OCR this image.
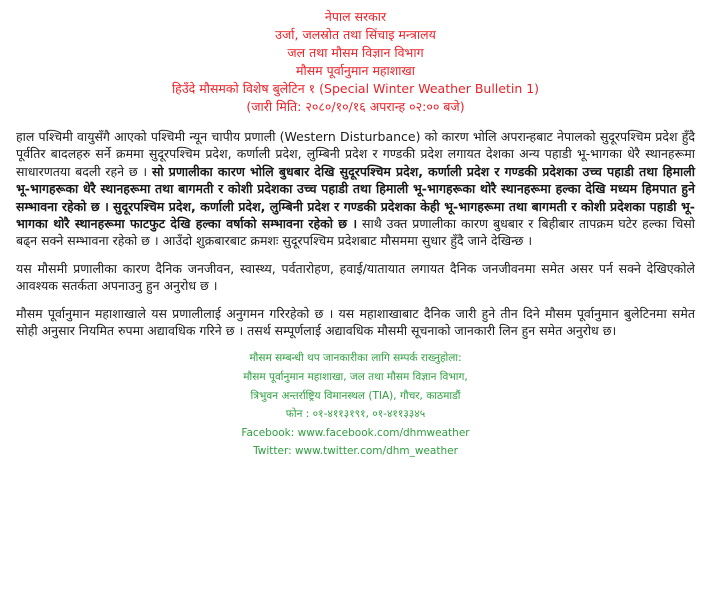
नेपाल सरकार
उर्जा, जलस्रोत तथा सिंचाइ मन्त्रालय
जल तथा मौसम विज्ञान विभाग
मौसम पूर्वानुमान महाशाखा
हिउँदे मौसमको विशेष बुलेटिन १ (Special Winter Weather Bulletin 1)
(जारी मिति: २०८०/१०/१६ अपरान्ह ०२:०० बजे)

हाल पश्चिमी वायुसँगै आएको पश्चिमी न्यून चापीय प्रणाली (Western Disturbance) को कारण भोलि अपरान्हबाट नेपालको सुदूरपश्चिम प्रदेश हुँदै पूर्वतिर बादलहरु सर्ने क्रममा सुदूरपश्चिम प्रदेश, कर्णाली प्रदेश, लुम्बिनी प्रदेश र गण्डकी प्रदेश लगायत देशका अन्य पहाडी भू-भागका धेरै स्थानहरूमा साधारणतया बदली रहने छ । सो प्रणालीका कारण भोलि बुधबार देखि सुदूरपश्चिम प्रदेश, कर्णाली प्रदेश र गण्डकी प्रदेशका उच्च पहाडी तथा हिमाली भू-भागहरूका धेरै स्थानहरूमा तथा बागमती र कोशी प्रदेशका उच्च पहाडी तथा हिमाली भू-भागहरूका थोरै स्थानहरूमा हल्का देखि मध्यम हिमपात हुने सम्भावना रहेको छ । सुदूरपश्चिम प्रदेश, कर्णाली प्रदेश, लुम्बिनी प्रदेश र गण्डकी प्रदेशका केही भू-भागहरूमा तथा बागमती र कोशी प्रदेशका पहाडी भू-भागका थोरै स्थानहरूमा फाटफुट देखि हल्का वर्षाको सम्भावना रहेको छ । साथै उक्त प्रणालीका कारण बुधबार र बिहीबार तापक्रम घटेर हल्का चिसो बढ्न सक्ने सम्भावना रहेको छ । आउँदो शुक्रबारबाट क्रमशः सुदूरपश्चिम प्रदेशबाट मौसममा सुधार हुँदै जाने देखिन्छ ।

यस मौसमी प्रणालीका कारण दैनिक जनजीवन, स्वास्थ्य, पर्वतारोहण, हवाई/यातायात लगायत दैनिक जनजीवनमा समेत असर पर्न सक्ने देखिएकोले आवश्यक सतर्कता अपनाउनु हुन अनुरोध छ ।

मौसम पूर्वानुमान महाशाखाले यस प्रणालीलाई अनुगमन गरिरहेको छ । यस महाशाखाबाट दैनिक जारी हुने तीन दिने मौसम पूर्वानुमान बुलेटिनमा समेत सोही अनुसार नियमित रुपमा अद्यावधिक गरिने छ । तसर्थ सम्पूर्णलाई अद्यावधिक मौसमी सूचनाको जानकारी लिन हुन समेत अनुरोध छ।

मौसम सम्बन्धी थप जानकारीका लागि सम्पर्क राख्नुहोला:
मौसम पूर्वानुमान महाशाखा, जल तथा मौसम विज्ञान विभाग,
त्रिभुवन अन्तर्राष्ट्रिय विमानस्थल (TIA), गौचर, काठमाडौं
फोन : ०१-४११३१९१, ०१-४११३३४५
Facebook: www.facebook.com/dhmweather
Twitter: www.twitter.com/dhm_weather
